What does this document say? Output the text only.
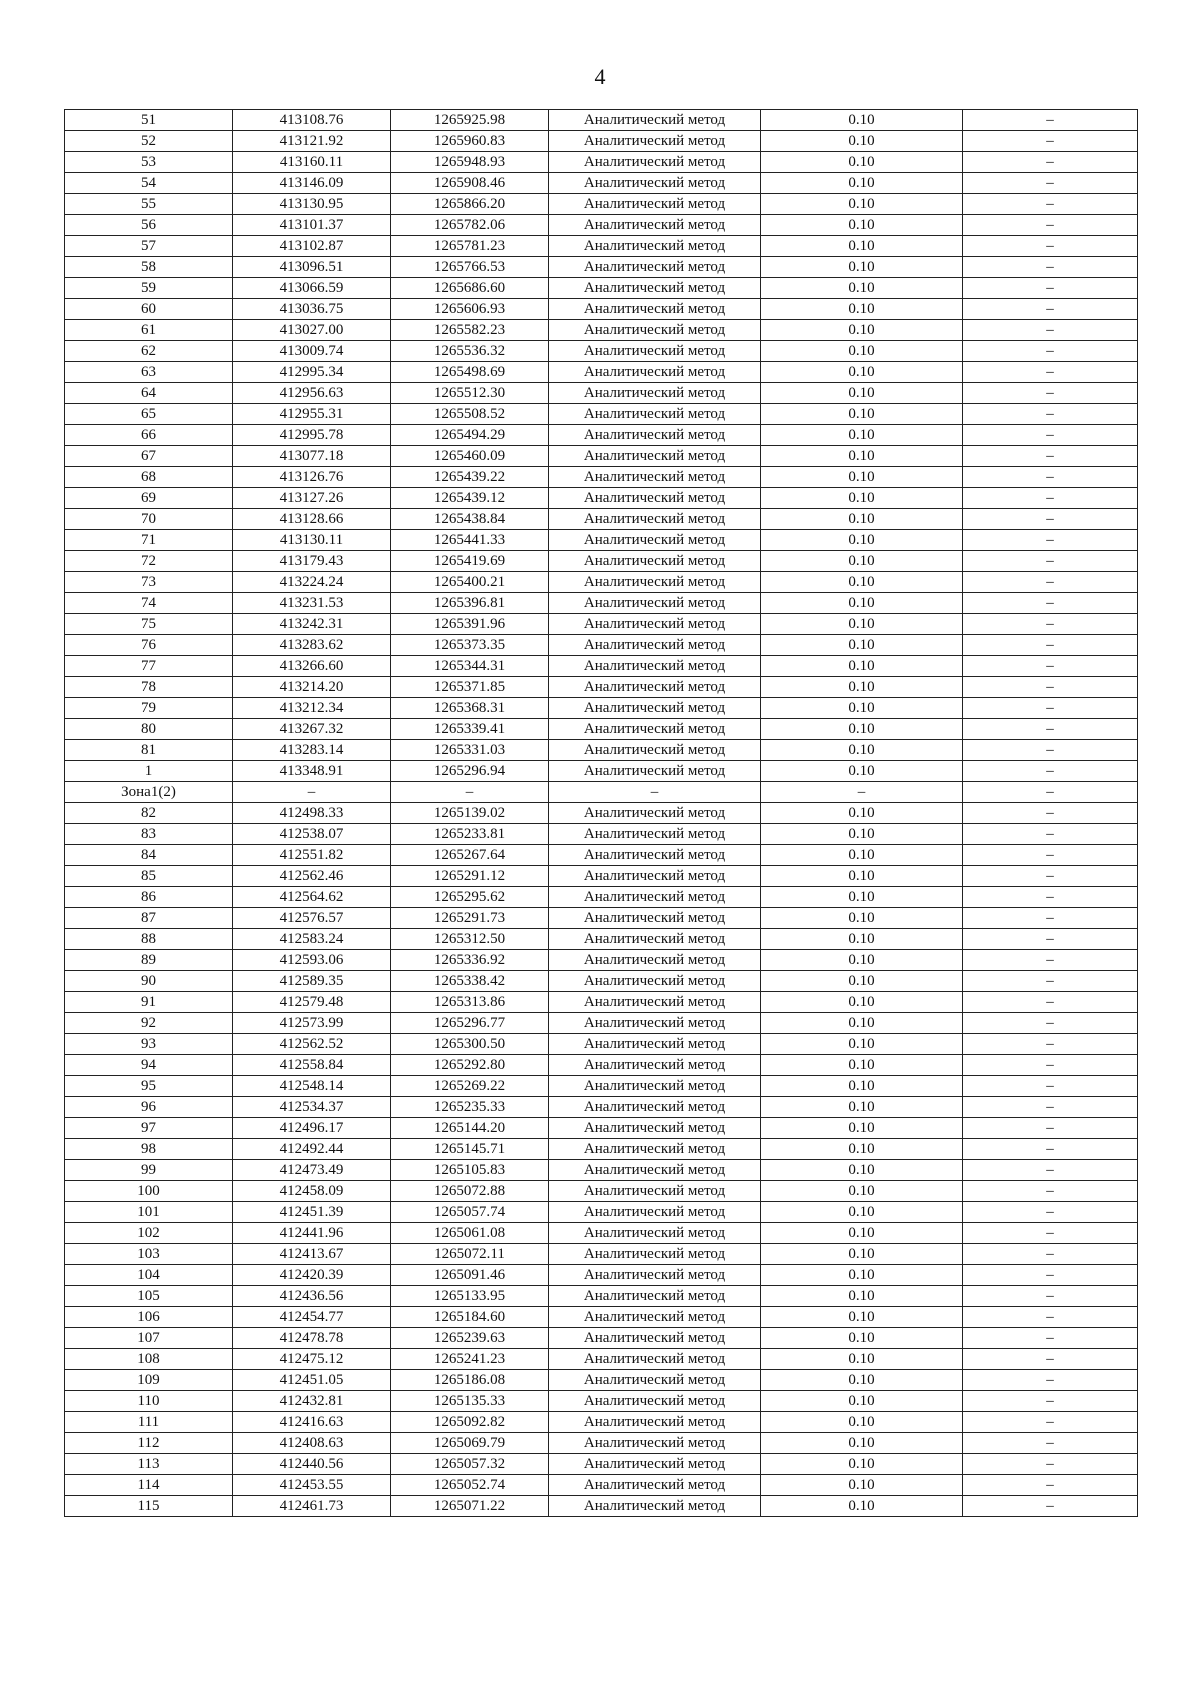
4
51	413108.76	1265925.98	Аналитический метод	0.10	–
52	413121.92	1265960.83	Аналитический метод	0.10	–
53	413160.11	1265948.93	Аналитический метод	0.10	–
54	413146.09	1265908.46	Аналитический метод	0.10	–
55	413130.95	1265866.20	Аналитический метод	0.10	–
56	413101.37	1265782.06	Аналитический метод	0.10	–
57	413102.87	1265781.23	Аналитический метод	0.10	–
58	413096.51	1265766.53	Аналитический метод	0.10	–
59	413066.59	1265686.60	Аналитический метод	0.10	–
60	413036.75	1265606.93	Аналитический метод	0.10	–
61	413027.00	1265582.23	Аналитический метод	0.10	–
62	413009.74	1265536.32	Аналитический метод	0.10	–
63	412995.34	1265498.69	Аналитический метод	0.10	–
64	412956.63	1265512.30	Аналитический метод	0.10	–
65	412955.31	1265508.52	Аналитический метод	0.10	–
66	412995.78	1265494.29	Аналитический метод	0.10	–
67	413077.18	1265460.09	Аналитический метод	0.10	–
68	413126.76	1265439.22	Аналитический метод	0.10	–
69	413127.26	1265439.12	Аналитический метод	0.10	–
70	413128.66	1265438.84	Аналитический метод	0.10	–
71	413130.11	1265441.33	Аналитический метод	0.10	–
72	413179.43	1265419.69	Аналитический метод	0.10	–
73	413224.24	1265400.21	Аналитический метод	0.10	–
74	413231.53	1265396.81	Аналитический метод	0.10	–
75	413242.31	1265391.96	Аналитический метод	0.10	–
76	413283.62	1265373.35	Аналитический метод	0.10	–
77	413266.60	1265344.31	Аналитический метод	0.10	–
78	413214.20	1265371.85	Аналитический метод	0.10	–
79	413212.34	1265368.31	Аналитический метод	0.10	–
80	413267.32	1265339.41	Аналитический метод	0.10	–
81	413283.14	1265331.03	Аналитический метод	0.10	–
1	413348.91	1265296.94	Аналитический метод	0.10	–
Зона1(2)	–	–	–	–	–
82	412498.33	1265139.02	Аналитический метод	0.10	–
83	412538.07	1265233.81	Аналитический метод	0.10	–
84	412551.82	1265267.64	Аналитический метод	0.10	–
85	412562.46	1265291.12	Аналитический метод	0.10	–
86	412564.62	1265295.62	Аналитический метод	0.10	–
87	412576.57	1265291.73	Аналитический метод	0.10	–
88	412583.24	1265312.50	Аналитический метод	0.10	–
89	412593.06	1265336.92	Аналитический метод	0.10	–
90	412589.35	1265338.42	Аналитический метод	0.10	–
91	412579.48	1265313.86	Аналитический метод	0.10	–
92	412573.99	1265296.77	Аналитический метод	0.10	–
93	412562.52	1265300.50	Аналитический метод	0.10	–
94	412558.84	1265292.80	Аналитический метод	0.10	–
95	412548.14	1265269.22	Аналитический метод	0.10	–
96	412534.37	1265235.33	Аналитический метод	0.10	–
97	412496.17	1265144.20	Аналитический метод	0.10	–
98	412492.44	1265145.71	Аналитический метод	0.10	–
99	412473.49	1265105.83	Аналитический метод	0.10	–
100	412458.09	1265072.88	Аналитический метод	0.10	–
101	412451.39	1265057.74	Аналитический метод	0.10	–
102	412441.96	1265061.08	Аналитический метод	0.10	–
103	412413.67	1265072.11	Аналитический метод	0.10	–
104	412420.39	1265091.46	Аналитический метод	0.10	–
105	412436.56	1265133.95	Аналитический метод	0.10	–
106	412454.77	1265184.60	Аналитический метод	0.10	–
107	412478.78	1265239.63	Аналитический метод	0.10	–
108	412475.12	1265241.23	Аналитический метод	0.10	–
109	412451.05	1265186.08	Аналитический метод	0.10	–
110	412432.81	1265135.33	Аналитический метод	0.10	–
111	412416.63	1265092.82	Аналитический метод	0.10	–
112	412408.63	1265069.79	Аналитический метод	0.10	–
113	412440.56	1265057.32	Аналитический метод	0.10	–
114	412453.55	1265052.74	Аналитический метод	0.10	–
115	412461.73	1265071.22	Аналитический метод	0.10	–
